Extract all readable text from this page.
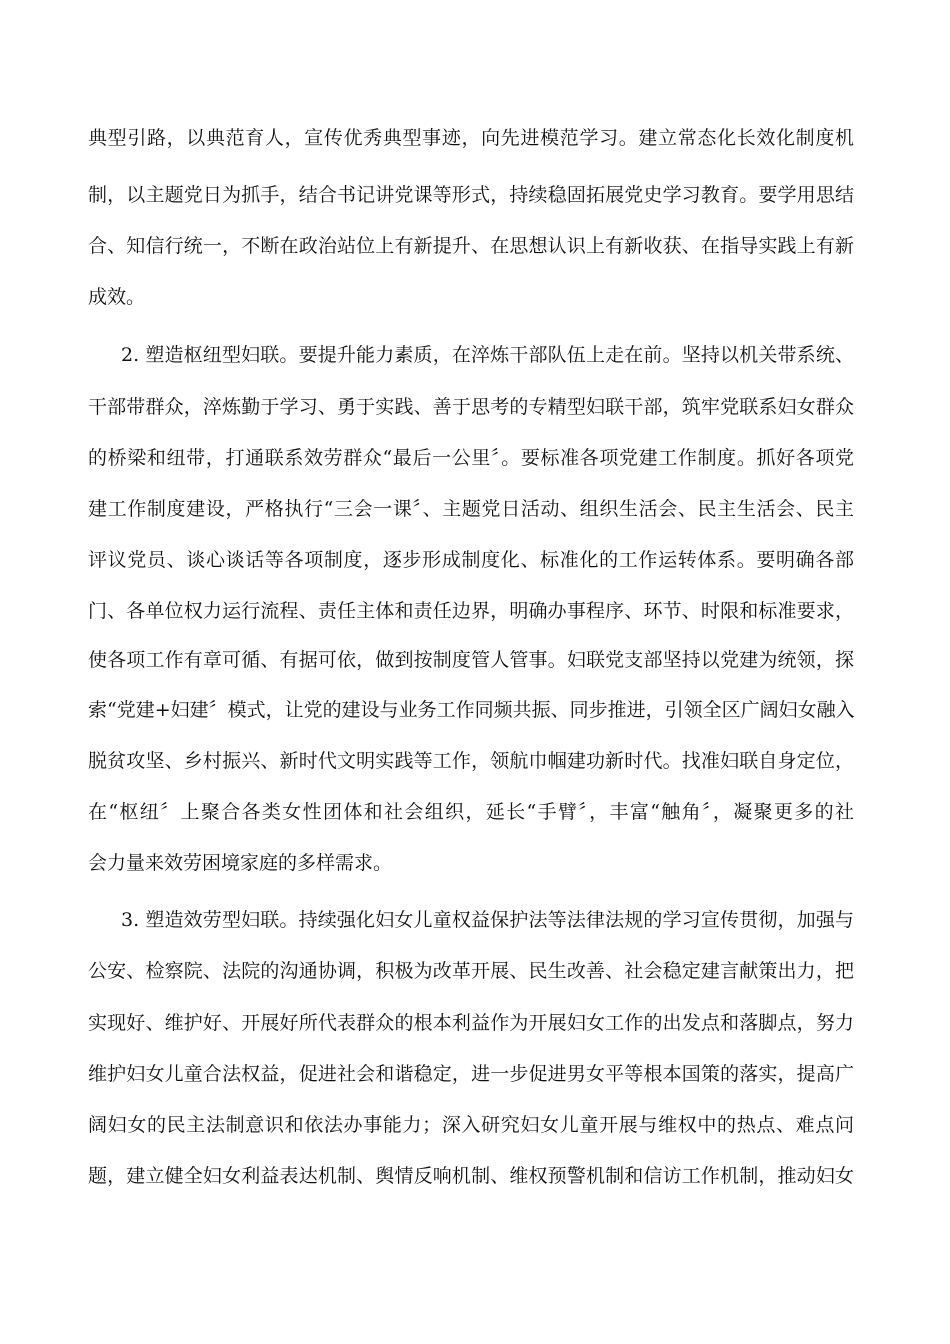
典型引路，以典范育人，宣传优秀典型事迹，向先进模范学习。建立常态化长效化制度机
制，以主题党日为抓手，结合书记讲党课等形式，持续稳固拓展党史学习教育。要学用思结
合、知信行统一，不断在政治站位上有新提升、在思想认识上有新收获、在指导实践上有新
成效。
2. 塑造枢纽型妇联。要提升能力素质，在淬炼干部队伍上走在前。坚持以机关带系统、
干部带群众，淬炼勤于学习、勇于实践、善于思考的专精型妇联干部，筑牢党联系妇女群众
的桥梁和纽带，打通联系效劳群众“最后一公里〞。要标准各项党建工作制度。抓好各项党
建工作制度建设，严格执行“三会一课〞、主题党日活动、组织生活会、民主生活会、民主
评议党员、谈心谈话等各项制度，逐步形成制度化、标准化的工作运转体系。要明确各部
门、各单位权力运行流程、责任主体和责任边界，明确办事程序、环节、时限和标准要求，
使各项工作有章可循、有据可依，做到按制度管人管事。妇联党支部坚持以党建为统领，探
索“党建+妇建〞模式，让党的建设与业务工作同频共振、同步推进，引领全区广阔妇女融入
脱贫攻坚、乡村振兴、新时代文明实践等工作，领航巾帼建功新时代。找准妇联自身定位，
在“枢纽〞上聚合各类女性团体和社会组织，延长“手臂〞，丰富“触角〞，凝聚更多的社
会力量来效劳困境家庭的多样需求。
3. 塑造效劳型妇联。持续强化妇女儿童权益保护法等法律法规的学习宣传贯彻，加强与
公安、检察院、法院的沟通协调，积极为改革开展、民生改善、社会稳定建言献策出力，把
实现好、维护好、开展好所代表群众的根本利益作为开展妇女工作的出发点和落脚点，努力
维护妇女儿童合法权益，促进社会和谐稳定，进一步促进男女平等根本国策的落实，提高广
阔妇女的民主法制意识和依法办事能力；深入研究妇女儿童开展与维权中的热点、难点问
题，建立健全妇女利益表达机制、舆情反响机制、维权预警机制和信访工作机制，推动妇女
